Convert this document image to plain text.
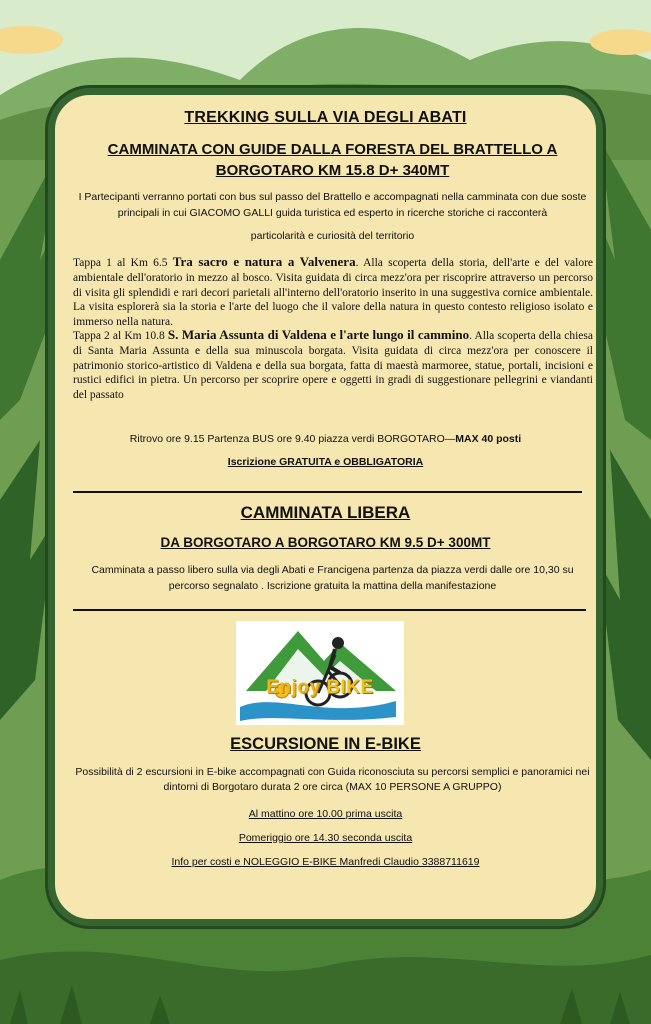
TREKKING SULLA VIA DEGLI ABATI
CAMMINATA CON GUIDE DALLA FORESTA DEL BRATTELLO A
BORGOTARO KM 15.8 D+ 340MT
I Partecipanti verranno portati con bus sul passo del Brattello e accompagnati nella camminata con due soste principali in cui GIACOMO GALLI guida turistica ed esperto in ricerche storiche ci racconterà
particolarità e curiosità del territorio
Tappa 1 al Km 6.5 Tra sacro e natura a Valvenera. Alla scoperta della storia, dell'arte e del valore ambientale dell'oratorio in mezzo al bosco. Visita guidata di circa mezz'ora per riscoprire attraverso un percorso di visita gli splendidi e rari decori parietali all'interno dell'oratorio inserito in una suggestiva cornice ambientale. La visita esplorerà sia la storia e l'arte del luogo che il valore della natura in questo contesto religioso isolato e immerso nella natura.
Tappa 2 al Km 10.8 S. Maria Assunta di Valdena e l'arte lungo il cammino. Alla scoperta della chiesa di Santa Maria Assunta e della sua minuscola borgata. Visita guidata di circa mezz'ora per conoscere il patrimonio storico-artistico di Valdena e della sua borgata, fatta di maestà marmoree, statue, portali, incisioni e rustici edifici in pietra. Un percorso per scoprire opere e oggetti in gradi di suggestionare pellegrini e viandanti del passato
Ritrovo ore 9.15 Partenza BUS ore 9.40 piazza verdi BORGOTARO—MAX 40 posti
Iscrizione GRATUITA e OBBLIGATORIA
CAMMINATA LIBERA
DA BORGOTARO A BORGOTARO KM 9.5 D+ 300MT
Camminata a passo libero sulla via degli Abati e Francigena partenza da piazza verdi dalle ore 10,30 su percorso segnalato . Iscrizione gratuita la mattina della manifestazione
Enjoy BIKE
ESCURSIONE IN E-BIKE
Possibilità di 2 escursioni in E-bike accompagnati con Guida riconosciuta su percorsi semplici e panoramici nei dintorni di Borgotaro durata 2 ore circa (MAX 10 PERSONE A GRUPPO)
Al mattino ore 10.00 prima uscita
Pomeriggio ore 14.30 seconda uscita
Info per costi e NOLEGGIO E-BIKE Manfredi Claudio 3388711619
